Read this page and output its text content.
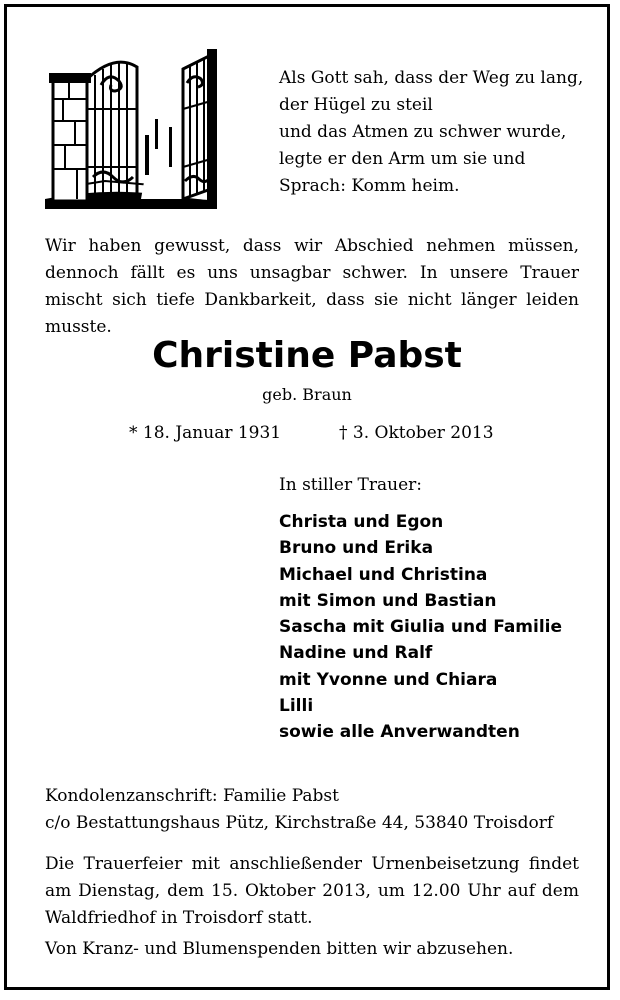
Als Gott sah, dass der Weg zu lang,
der Hügel zu steil
und das Atmen zu schwer wurde,
legte er den Arm um sie und
Sprach: Komm heim.
Wir haben gewusst, dass wir Abschied nehmen müssen, dennoch fällt es uns unsagbar schwer. In unsere Trauer mischt sich tiefe Dankbarkeit, dass sie nicht länger leiden musste.
Christine Pabst
geb. Braun
* 18. Januar 1931	† 3. Oktober 2013
In stiller Trauer:
Christa und Egon
Bruno und Erika
Michael und Christina
mit Simon und Bastian
Sascha mit Giulia und Familie
Nadine und Ralf
mit Yvonne und Chiara
Lilli
sowie alle Anverwandten
Kondolenzanschrift: Familie Pabst
c/o Bestattungshaus Pütz, Kirchstraße 44, 53840 Troisdorf
Die Trauerfeier mit anschließender Urnenbeisetzung findet am Dienstag, dem 15. Oktober 2013, um 12.00 Uhr auf dem Waldfriedhof in Troisdorf statt.
Von Kranz- und Blumenspenden bitten wir abzusehen.
